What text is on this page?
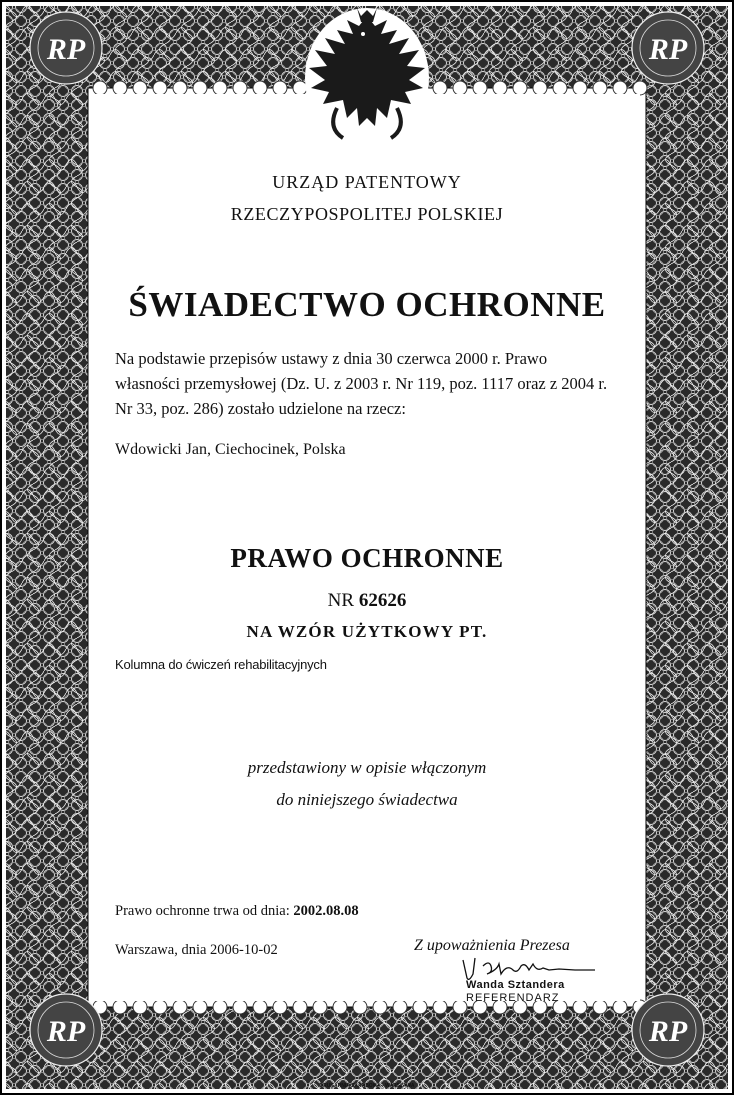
RP	RP
RP	RP

URZĄD PATENTOWY

RZECZYPOSPOLITEJ POLSKIEJ

ŚWIADECTWO OCHRONNE

Na podstawie przepisów ustawy z dnia 30 czerwca 2000 r. Prawo własności przemysłowej (Dz. U. z 2003 r. Nr 119, poz. 1117 oraz z 2004 r. Nr 33, poz. 286) zostało udzielone na rzecz:

Wdowicki Jan, Ciechocinek, Polska

PRAWO OCHRONNE

NR 62626

NA WZÓR UŻYTKOWY PT.

Kolumna do ćwiczeń rehabilitacyjnych

przedstawiony w opisie włączonym

do niniejszego świadectwa

Prawo ochronne trwa od dnia: 2002.08.08

Warszawa, dnia 2006-10-02	Z upoważnienia Prezesa

Wanda Sztandera

REFERENDARZ

DRUKARNIA SKARBOWA - WARSZAWA
